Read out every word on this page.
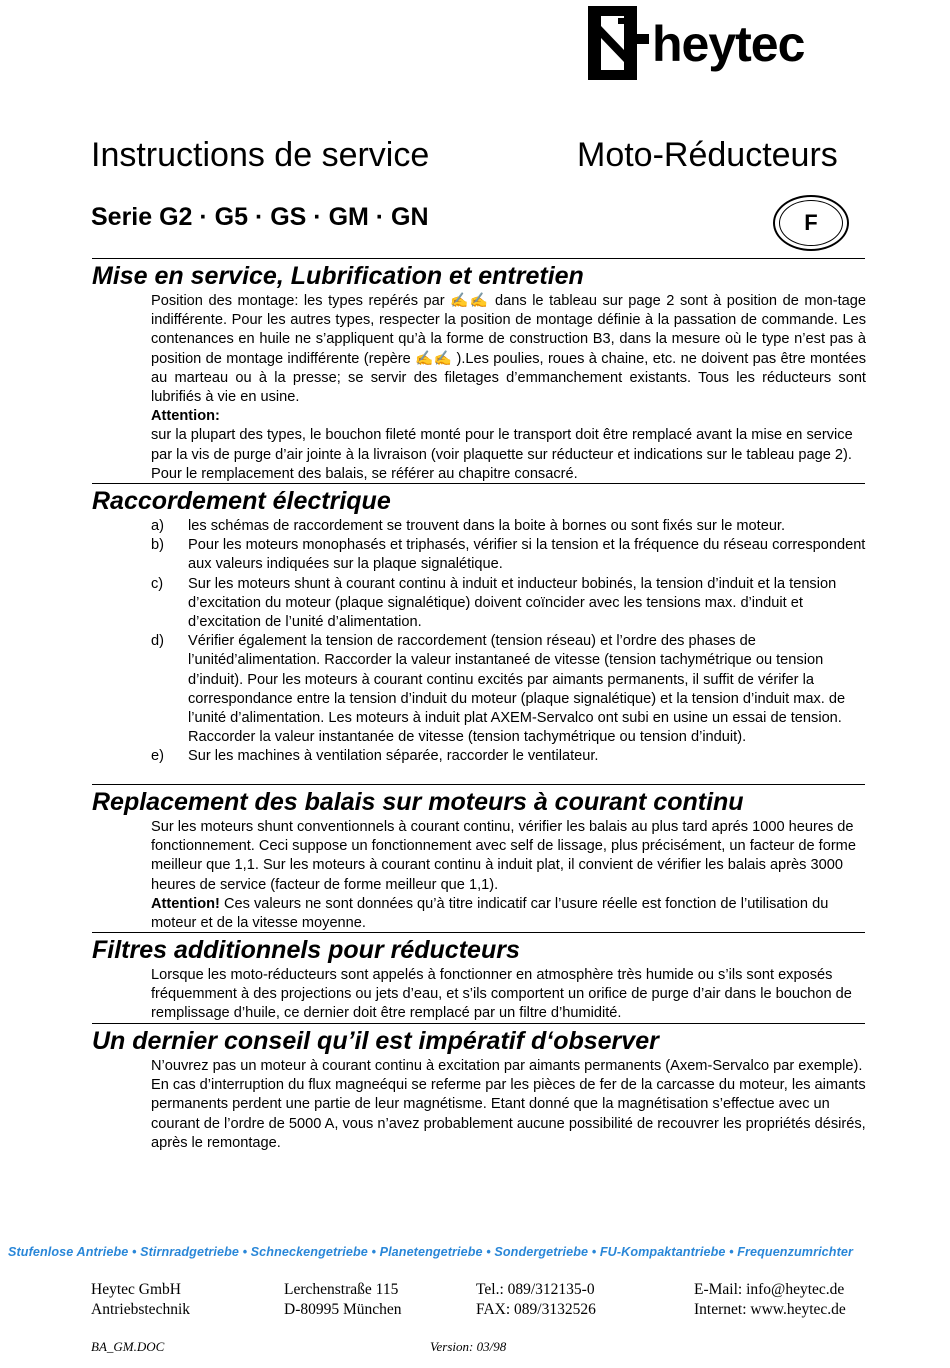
heytec
Instructions de service	Moto-Réducteurs
Serie G2 · G5 · GS · GM · GN	F
Mise en service, Lubrification et entretien

Position des montage: les types repérés par ✍✍ dans le tableau sur page 2 sont à position de mon-tage indifférente. Pour les autres types, respecter la position de montage définie à la passation de commande. Les contenances en huile ne s’appliquent qu’à la forme de construction B3, dans la mesure où le type n’est pas à position de montage indifférente (repère ✍✍ ).Les poulies, roues à chaine, etc. ne doivent pas être montées au marteau ou à la presse; se servir des filetages d’emmanchement existants. Tous les réducteurs sont lubrifiés à vie en usine.

Attention:

sur la plupart des types, le bouchon fileté monté pour le transport doit être remplacé avant la mise en service par la vis de purge d’air jointe à la livraison (voir plaquette sur réducteur et indications sur le tableau page 2). Pour le remplacement des balais, se référer au chapitre consacré.

Raccordement électrique
a) les schémas de raccordement se trouvent dans la boite à bornes ou sont fixés sur le moteur.
b) Pour les moteurs monophasés et triphasés, vérifier si la tension et la fréquence du réseau correspondent aux valeurs indiquées sur la plaque signalétique.
c) Sur les moteurs shunt à courant continu à induit et inducteur bobinés, la tension d’induit et la tension d’excitation du moteur (plaque signalétique) doivent coïncider avec les tensions max. d’induit et d’excitation de l’unité d’alimentation.
d) Vérifier également la tension de raccordement (tension réseau) et l’ordre des phases de l’unitéd’alimentation. Raccorder la valeur instantaneé de vitesse (tension tachymétrique ou tension d’induit). Pour les moteurs à courant continu excités par aimants permanents, il suffit de vérifer la correspondance entre la tension d’induit du moteur (plaque signalétique) et la tension d’induit max. de l’unité d’alimentation. Les moteurs à induit plat AXEM-Servalco ont subi en usine un essai de tension. Raccorder la valeur instantanée de vitesse (tension tachymétrique ou tension d’induit).
e) Sur les machines à ventilation séparée, raccorder le ventilateur.
Replacement des balais sur moteurs à courant continu

Sur les moteurs shunt conventionnels à courant continu, vérifier les balais au plus tard aprés 1000 heures de fonctionnement. Ceci suppose un fonctionnement avec self de lissage, plus précisément, un facteur de forme meilleur que 1,1. Sur les moteurs à courant continu à induit plat, il convient de vérifier les balais après 3000 heures de service (facteur de forme meilleur que 1,1).

Attention! Ces valeurs ne sont données qu’à titre indicatif car l’usure réelle est fonction de l’utilisation du moteur et de la vitesse moyenne.

Filtres additionnels pour réducteurs

Lorsque les moto-réducteurs sont appelés à fonctionner en atmosphère très humide ou s’ils sont exposés fréquemment à des projections ou jets d’eau, et s’ils comportent un orifice de purge d’air dans le bouchon de remplissage d’huile, ce dernier doit être remplacé par un filtre d’humidité.

Un dernier conseil qu’il est impératif d‘observer

N’ouvrez pas un moteur à courant continu à excitation par aimants permanents (Axem-Servalco par exemple). En cas d’interruption du flux magneéqui se referme par les pièces de fer de la carcasse du moteur, les aimants permanents perdent une partie de leur magnétisme. Etant donné que la magnétisation s’effectue avec un courant de l’ordre de 5000 A, vous n’avez probablement aucune possibilité de recouvrer les propriétés désirés, après le remontage.

Stufenlose Antriebe • Stirnradgetriebe • Schneckengetriebe • Planetengetriebe • Sondergetriebe • FU-Kompaktantriebe • Frequenzumrichter
Heytec GmbH
Antriebstechnik
Lerchenstraße 115
D-80995 München
Tel.: 089/312135-0
FAX: 089/3132526
E-Mail: info@heytec.de
Internet: www.heytec.de
BA_GM.DOC	Version: 03/98
